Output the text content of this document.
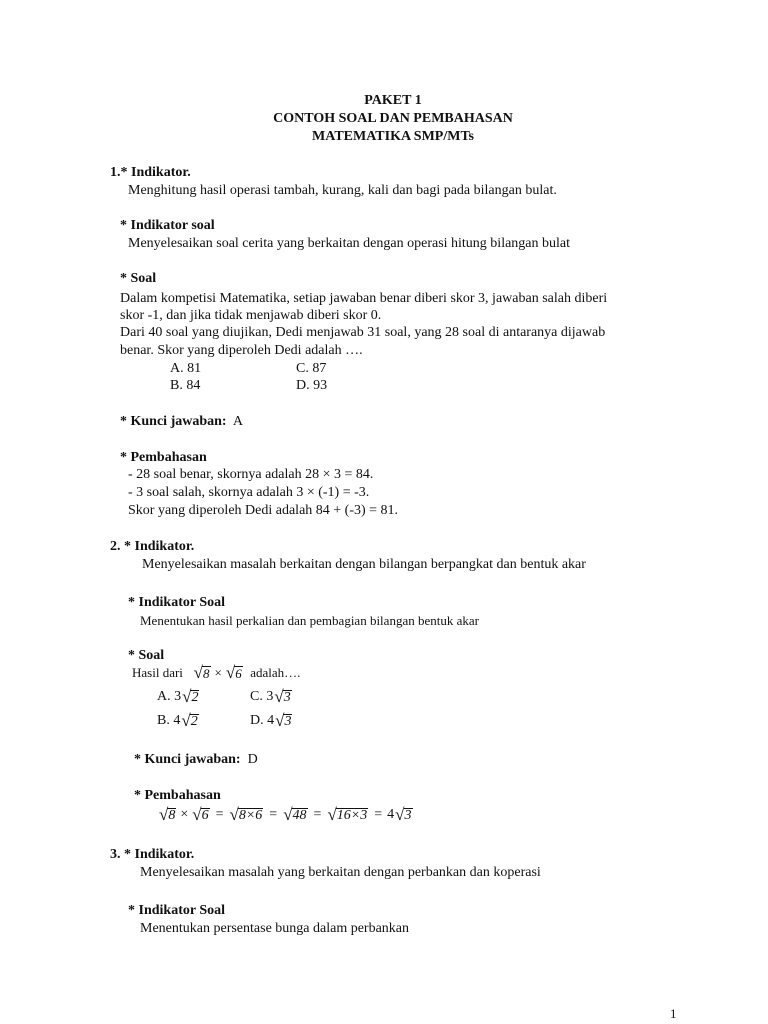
PAKET 1
CONTOH SOAL DAN PEMBAHASAN
MATEMATIKA SMP/MTs
1.* Indikator.
Menghitung hasil operasi tambah, kurang, kali dan bagi pada bilangan bulat.
* Indikator soal
Menyelesaikan soal cerita yang berkaitan dengan operasi hitung bilangan bulat
* Soal
Dalam kompetisi Matematika, setiap jawaban benar diberi skor 3, jawaban salah diberi
skor -1, dan jika tidak menjawab diberi skor 0.
Dari 40 soal yang diujikan, Dedi menjawab 31 soal, yang 28 soal di antaranya dijawab
benar. Skor yang diperoleh Dedi adalah ….
A. 81	C. 87
B. 84	D. 93
* Kunci jawaban: A
* Pembahasan
- 28 soal benar, skornya adalah 28 × 3 = 84.
- 3 soal salah, skornya adalah 3 × (-1) = -3.
Skor yang diperoleh Dedi adalah 84 + (-3) = 81.
2. * Indikator.
Menyelesaikan masalah berkaitan dengan bilangan berpangkat dan bentuk akar
* Indikator Soal
Menentukan hasil perkalian dan pembagian bilangan bentuk akar
* Soal
Hasil dari
√ 8 × √ 6
adalah….
A. 3 √ 2	C. 3 √ 3
B. 4 √ 2	D. 4 √ 3
* Kunci jawaban: D
* Pembahasan
√ 8 × √ 6 = √ 8×6 = √ 48 = √ 16×3 = 4 √ 3
3. * Indikator.
Menyelesaikan masalah yang berkaitan dengan perbankan dan koperasi
* Indikator Soal
Menentukan persentase bunga dalam perbankan
1
